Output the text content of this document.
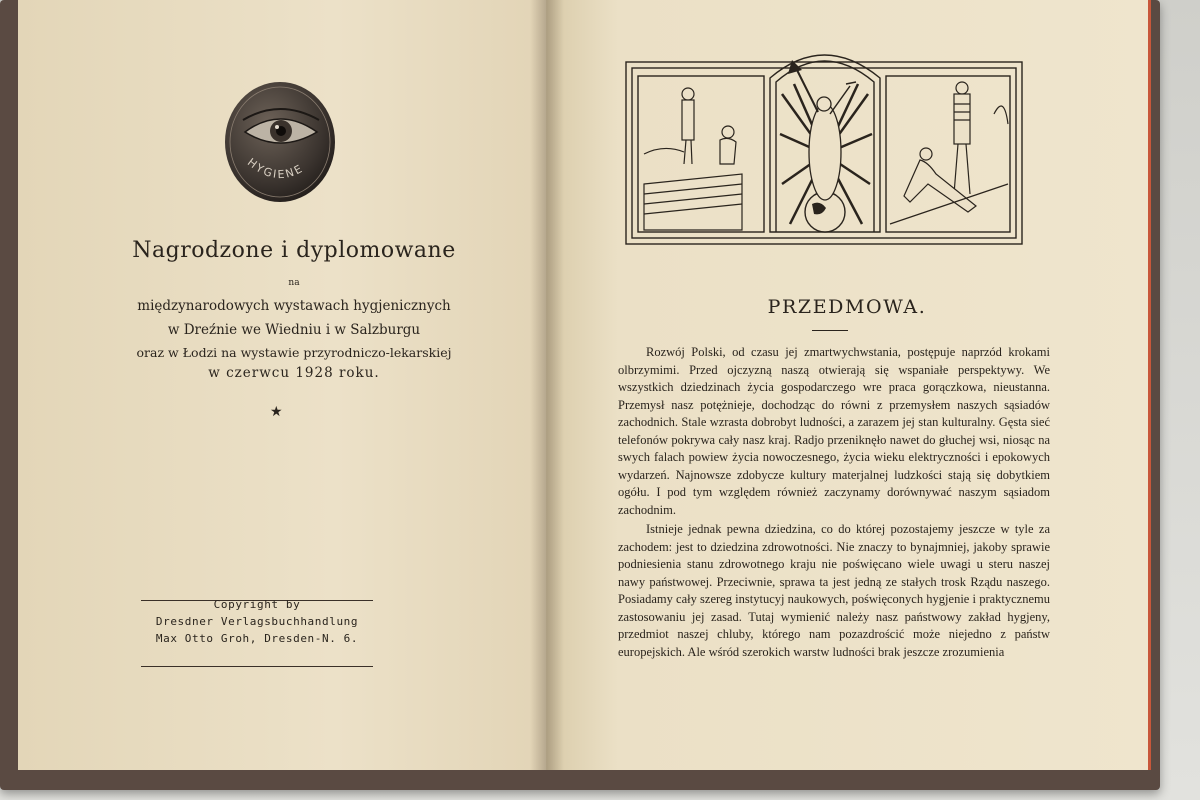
HYGIENE
Nagrodzone i dyplomowane
na
międzynarodowych wystawach hygjenicznych
w Dreźnie we Wiedniu i w Salzburgu
oraz w Łodzi na wystawie przyrodniczo-lekarskiej
w czerwcu 1928 roku.
★
Copyright by
Dresdner Verlagsbuchhandlung
Max Otto Groh, Dresden-N. 6.
PRZEDMOWA.

Rozwój Polski, od czasu jej zmartwychwstania, postępuje naprzód krokami olbrzymimi. Przed ojczyzną naszą otwierają się wspaniałe perspektywy. We wszystkich dziedzinach życia gospodarczego wre praca gorączkowa, nieustanna. Przemysł nasz potężnieje, dochodząc do równi z przemysłem naszych sąsiadów zachodnich. Stale wzrasta dobrobyt ludności, a zarazem jej stan kulturalny. Gęsta sieć telefonów pokrywa cały nasz kraj. Radjo przeniknęło nawet do głuchej wsi, niosąc na swych falach powiew życia nowoczesnego, życia wieku elektryczności i epokowych wydarzeń. Najnowsze zdobycze kultury materjalnej ludzkości stają się dobytkiem ogółu. I pod tym względem również zaczynamy dorównywać naszym sąsiadom zachodnim.

Istnieje jednak pewna dziedzina, co do której pozostajemy jeszcze w tyle za zachodem: jest to dziedzina zdrowotności. Nie znaczy to bynajmniej, jakoby sprawie podniesienia stanu zdrowotnego kraju nie poświęcano wiele uwagi u steru naszej nawy państwowej. Przeciwnie, sprawa ta jest jedną ze stałych trosk Rządu naszego. Posiadamy cały szereg instytucyj naukowych, poświęconych hygjenie i praktycznemu zastosowaniu jej zasad. Tutaj wymienić należy nasz państwowy zakład hygjeny, przedmiot naszej chluby, którego nam pozazdrościć może niejedno z państw europejskich. Ale wśród szerokich warstw ludności brak jeszcze zrozumienia
